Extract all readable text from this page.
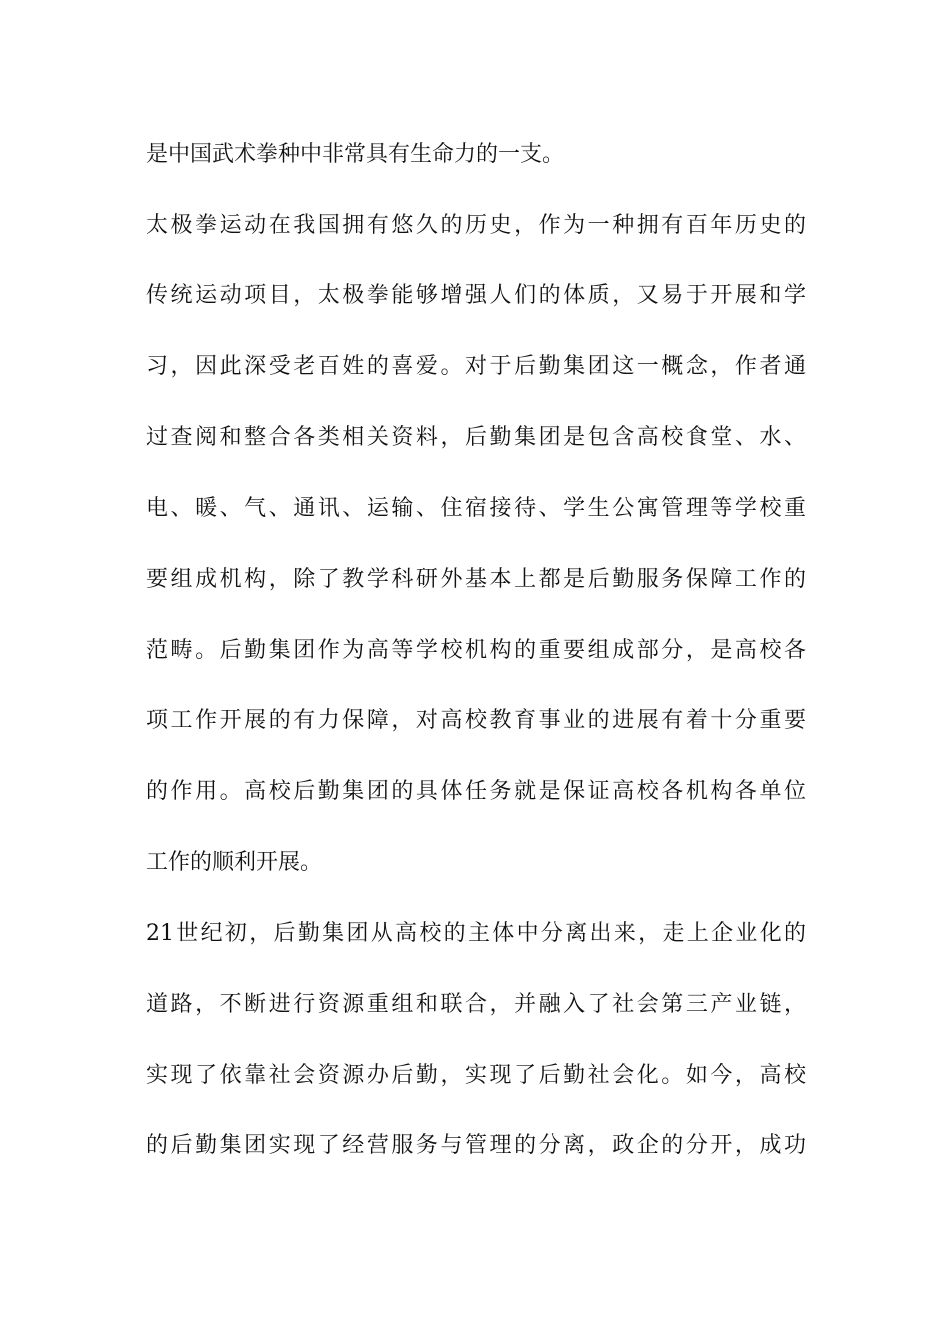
是中国武术拳种中非常具有生命力的一支。
太极拳运动在我国拥有悠久的历史，作为一种拥有百年历史的
传统运动项目，太极拳能够增强人们的体质，又易于开展和学
习，因此深受老百姓的喜爱。对于后勤集团这一概念，作者通
过查阅和整合各类相关资料，后勤集团是包含高校食堂、水、
电、暖、气、通讯、运输、住宿接待、学生公寓管理等学校重
要组成机构，除了教学科研外基本上都是后勤服务保障工作的
范畴。后勤集团作为高等学校机构的重要组成部分，是高校各
项工作开展的有力保障，对高校教育事业的进展有着十分重要
的作用。高校后勤集团的具体任务就是保证高校各机构各单位
工作的顺利开展。
21世纪初，后勤集团从高校的主体中分离出来，走上企业化的
道路，不断进行资源重组和联合，并融入了社会第三产业链，
实现了依靠社会资源办后勤，实现了后勤社会化。如今，高校
的后勤集团实现了经营服务与管理的分离，政企的分开，成功
